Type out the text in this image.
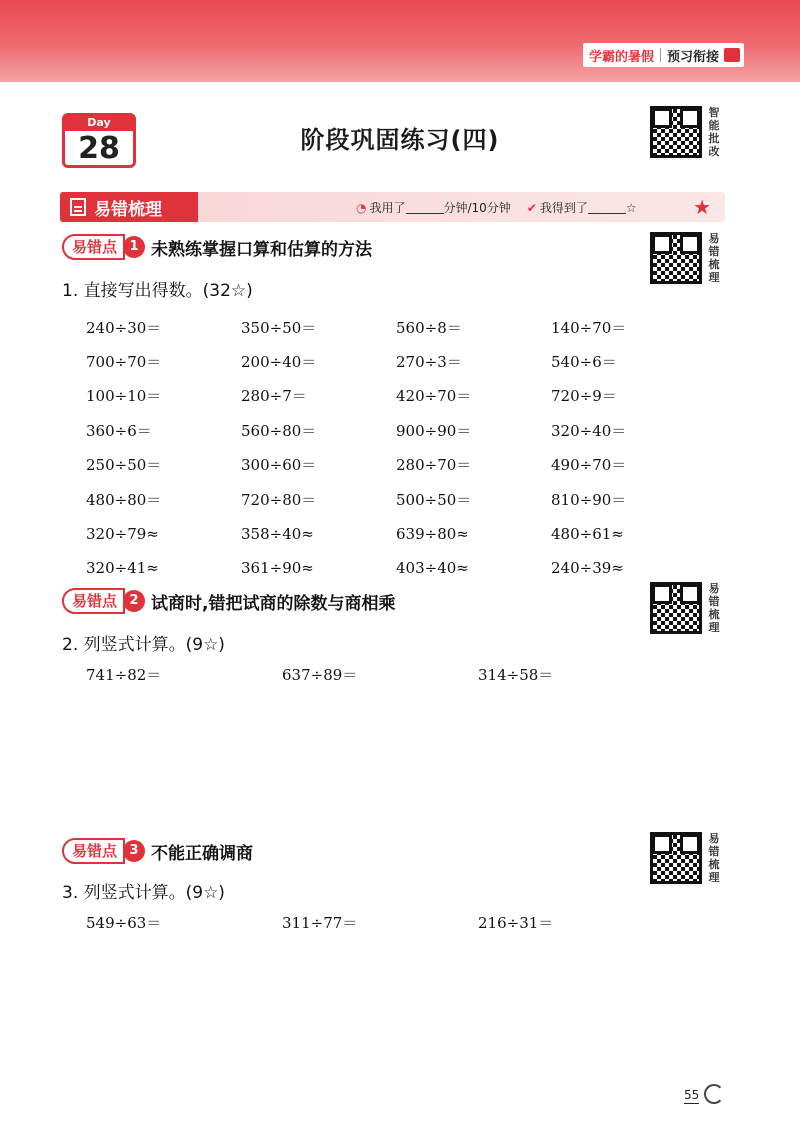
学霸的暑假 预习衔接
Day
28	阶段巩固练习(四)
智
能
批
改
易错梳理	◔ 我用了	分钟/10分钟 ✔ 我得到了	☆	★
易错点 1 未熟练掌握口算和估算的方法
易
错
梳
理
1. 直接写出得数。(32☆)
240÷30＝	350÷50＝	560÷8＝	140÷70＝
700÷70＝	200÷40＝	270÷3＝	540÷6＝
100÷10＝	280÷7＝	420÷70＝	720÷9＝
360÷6＝	560÷80＝	900÷90＝	320÷40＝
250÷50＝	300÷60＝	280÷70＝	490÷70＝
480÷80＝	720÷80＝	500÷50＝	810÷90＝
320÷79≈	358÷40≈	639÷80≈	480÷61≈
320÷41≈	361÷90≈	403÷40≈	240÷39≈
易错点 2 试商时,错把试商的除数与商相乘
易
错
梳
理
2. 列竖式计算。(9☆)
741÷82＝	637÷89＝	314÷58＝
易错点 3 不能正确调商
易
错
梳
理
3. 列竖式计算。(9☆)
549÷63＝	311÷77＝	216÷31＝
55
